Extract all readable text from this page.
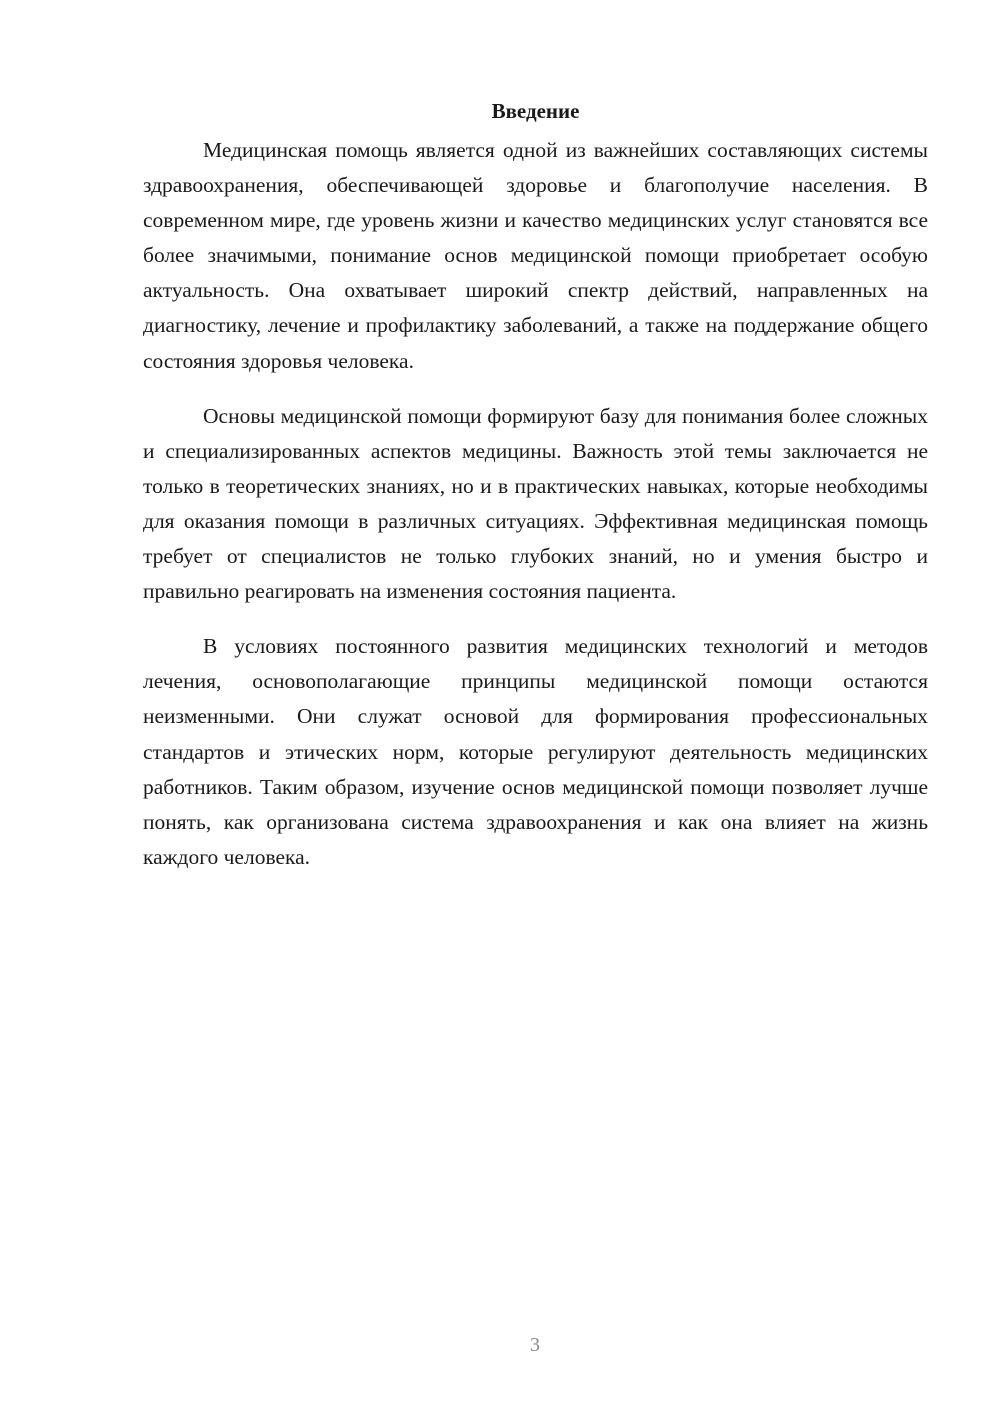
Введение

Медицинская помощь является одной из важнейших составляющих системы здравоохранения, обеспечивающей здоровье и благополучие населения. В современном мире, где уровень жизни и качество медицинских услуг становятся все более значимыми, понимание основ медицинской помощи приобретает особую актуальность. Она охватывает широкий спектр действий, направленных на диагностику, лечение и профилактику заболеваний, а также на поддержание общего состояния здоровья человека.

Основы медицинской помощи формируют базу для понимания более сложных и специализированных аспектов медицины. Важность этой темы заключается не только в теоретических знаниях, но и в практических навыках, которые необходимы для оказания помощи в различных ситуациях. Эффективная медицинская помощь требует от специалистов не только глубоких знаний, но и умения быстро и правильно реагировать на изменения состояния пациента.

В условиях постоянного развития медицинских технологий и методов лечения, основополагающие принципы медицинской помощи остаются неизменными. Они служат основой для формирования профессиональных стандартов и этических норм, которые регулируют деятельность медицинских работников. Таким образом, изучение основ медицинской помощи позволяет лучше понять, как организована система здравоохранения и как она влияет на жизнь каждого человека.

3
